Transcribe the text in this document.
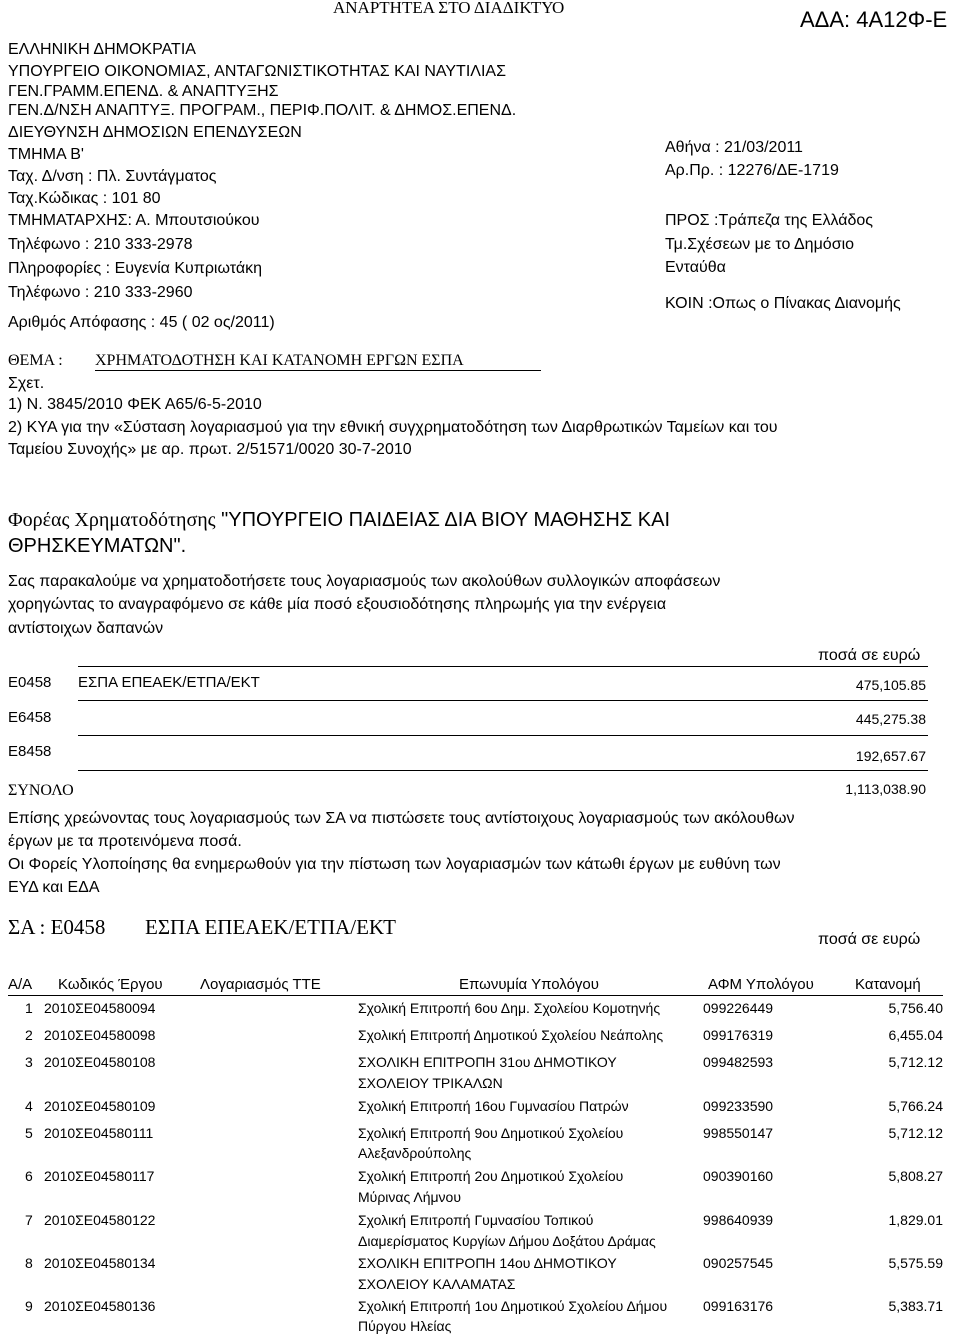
ΑΝΑΡΤΗΤΕΑ ΣΤΟ ΔΙΑΔΙΚΤΥΟ	ΑΔΑ: 4Α12Φ-Ε
ΕΛΛΗΝΙΚΗ ΔΗΜΟΚΡΑΤΙΑ
ΥΠΟΥΡΓΕΙΟ ΟΙΚΟΝΟΜΙΑΣ, ΑΝΤΑΓΩΝΙΣΤΙΚΟΤΗΤΑΣ ΚΑΙ ΝΑΥΤΙΛΙΑΣ
ΓΕΝ.ΓΡΑΜΜ.ΕΠΕΝΔ. & ΑΝΑΠΤΥΞΗΣ
ΓΕΝ.Δ/ΝΣΗ ΑΝΑΠΤΥΞ. ΠΡΟΓΡΑΜ., ΠΕΡΙΦ.ΠΟΛΙΤ. & ΔΗΜΟΣ.ΕΠΕΝΔ.
ΔΙΕΥΘΥΝΣΗ ΔΗΜΟΣΙΩΝ ΕΠΕΝΔΥΣΕΩΝ
ΤΜΗΜΑ Β'
Ταχ. Δ/νση : Πλ. Συντάγματος
Ταχ.Κώδικας : 101 80
ΤΜΗΜΑΤΑΡΧΗΣ: Α. Μπουτσιούκου
Τηλέφωνο : 210 333-2978
Πληροφορίες : Ευγενία Κυπριωτάκη
Τηλέφωνο : 210 333-2960
Αριθμός Απόφασης : 45 ( 02 ος/2011)
Αθήνα : 21/03/2011
Αρ.Πρ. : 12276/ΔΕ-1719
ΠΡΟΣ :Τράπεζα της Ελλάδος
Τμ.Σχέσεων με το Δημόσιο
Ενταύθα
ΚΟΙΝ :Οπως ο Πίνακας Διανομής
ΘΕΜΑ : ΧΡΗΜΑΤΟΔΟΤΗΣΗ ΚΑΙ ΚΑΤΑΝΟΜΗ ΕΡΓΩΝ ΕΣΠΑ
Σχετ.
1) Ν. 3845/2010 ΦΕΚ Α65/6-5-2010
2) ΚΥΑ για την «Σύσταση λογαριασμού για την εθνική συγχρηματοδότηση των Διαρθρωτικών Ταμείων και του
Ταμείου Συνοχής» με αρ. πρωτ. 2/51571/0020 30-7-2010
Φορέας Χρηματοδότησης "ΥΠΟΥΡΓΕΙΟ ΠΑΙΔΕΙΑΣ ΔΙΑ ΒΙΟΥ ΜΑΘΗΣΗΣ ΚΑΙ
ΘΡΗΣΚΕΥΜΑΤΩΝ".
Σας παρακαλούμε να χρηματοδοτήσετε τους λογαριασμούς των ακολούθων συλλογικών αποφάσεων
χορηγώντας το αναγραφόμενο σε κάθε μία ποσό εξουσιοδότησης πληρωμής για την ενέργεια
αντίστοιχων δαπανών
ποσά σε ευρώ
Ε0458 ΕΣΠΑ ΕΠΕΑΕΚ/ΕΤΠΑ/ΕΚΤ	475,105.85
Ε6458	445,275.38
Ε8458	192,657.67
ΣΥΝΟΛΟ	1,113,038.90
Επίσης χρεώνοντας τους λογαριασμούς των ΣΑ να πιστώσετε τους αντίστοιχους λογαριασμούς των ακόλουθων
έργων με τα προτεινόμενα ποσά.
Οι Φορείς Υλοποίησης θα ενημερωθούν για την πίστωση των λογαριασμών των κάτωθι έργων με ευθύνη των
ΕΥΔ και ΕΔΑ
ΣΑ : Ε0458 ΕΣΠΑ ΕΠΕΑΕΚ/ΕΤΠΑ/ΕΚΤ
ποσά σε ευρώ
Α/Α Κωδικός Έργου Λογαριασμός ΤΤΕ	Επωνυμία Υπολόγου	ΑΦΜ Υπολόγου	Κατανομή
1 2010ΣΕ04580094	Σχολική Επιτροπή 6ου Δημ. Σχολείου Κομοτηνής	099226449	5,756.40
2 2010ΣΕ04580098	Σχολική Επιτροπή Δημοτικού Σχολείου Νεάπολης	099176319	6,455.04
3 2010ΣΕ04580108	ΣΧΟΛΙΚΗ ΕΠΙΤΡΟΠΗ 31ου ΔΗΜΟΤΙΚΟΥ
ΣΧΟΛΕΙΟΥ ΤΡΙΚΑΛΩΝ
099482593	5,712.12
4 2010ΣΕ04580109	Σχολική Επιτροπή 16ου Γυμνασίου Πατρών	099233590	5,766.24
5 2010ΣΕ04580111	Σχολική Επιτροπή 9ου Δημοτικού Σχολείου
Αλεξανδρούπολης
998550147	5,712.12
6 2010ΣΕ04580117	Σχολική Επιτροπή 2ου Δημοτικού Σχολείου
Μύρινας Λήμνου
090390160	5,808.27
7 2010ΣΕ04580122	Σχολική Επιτροπή Γυμνασίου Τοπικού
Διαμερίσματος Κυργίων Δήμου Δοξάτου Δράμας
998640939	1,829.01
8 2010ΣΕ04580134	ΣΧΟΛΙΚΗ ΕΠΙΤΡΟΠΗ 14ου ΔΗΜΟΤΙΚΟΥ
ΣΧΟΛΕΙΟΥ ΚΑΛΑΜΑΤΑΣ
090257545	5,575.59
9 2010ΣΕ04580136	Σχολική Επιτροπή 1ου Δημοτικού Σχολείου Δήμου
Πύργου Ηλείας
099163176	5,383.71
